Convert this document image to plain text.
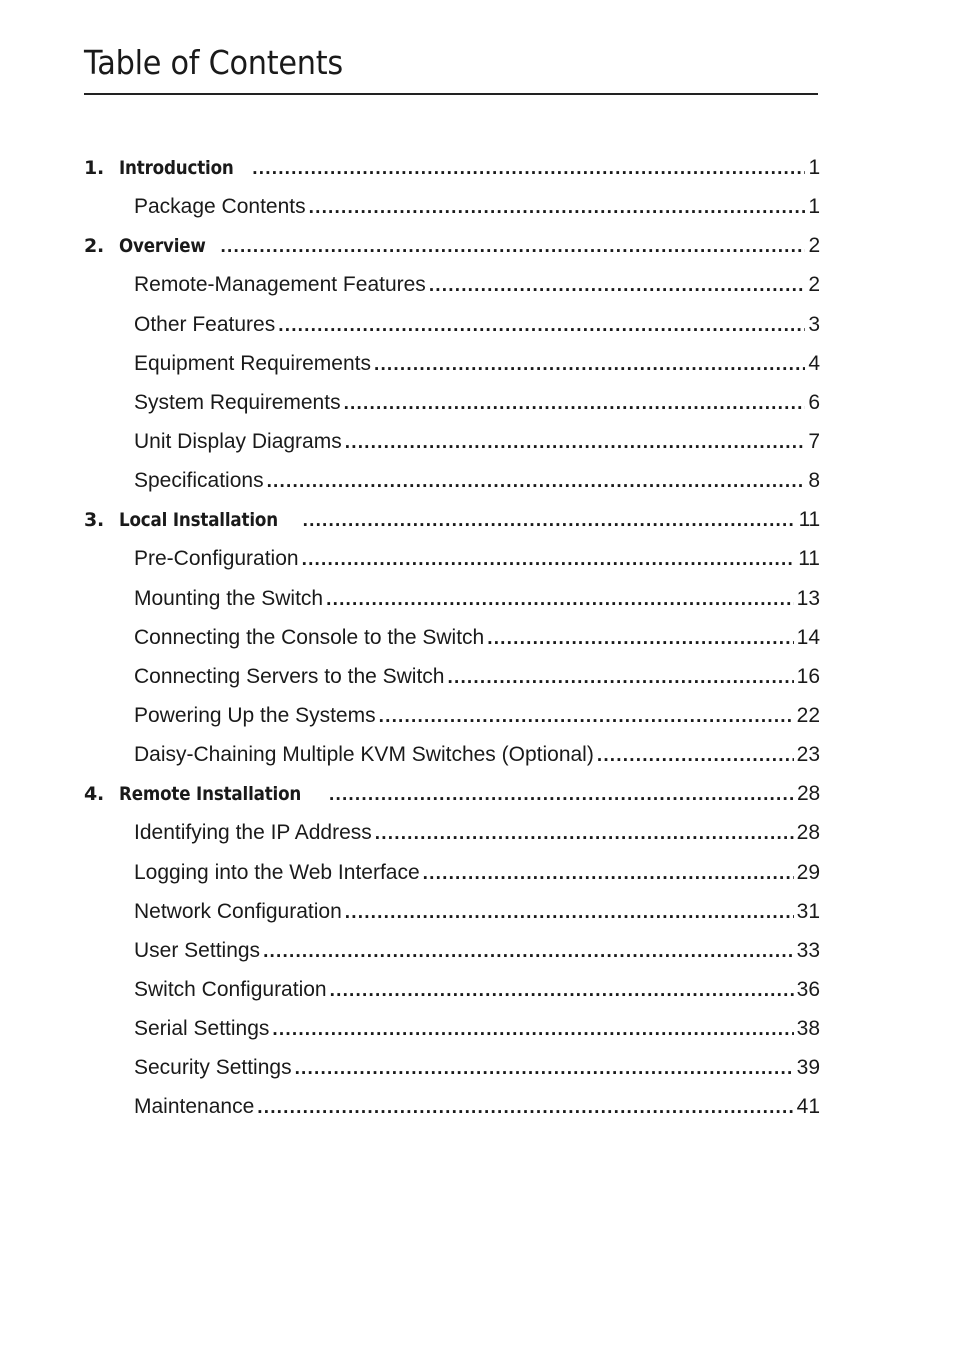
Table of Contents
1. Introduction .....	1
Package Contents .....	1
2. Overview .....	2
Remote-Management Features .....	2
Other Features .....	3
Equipment Requirements .....	4
System Requirements .....	6
Unit Display Diagrams .....	7
Specifications .....	8
3. Local Installation .....	11
Pre-Configuration .....	11
Mounting the Switch .....	13
Connecting the Console to the Switch .....	14
Connecting Servers to the Switch .....	16
Powering Up the Systems .....	22
Daisy-Chaining Multiple KVM Switches (Optional) .....	23
4. Remote Installation .....	28
Identifying the IP Address .....	28
Logging into the Web Interface .....	29
Network Configuration .....	31
User Settings .....	33
Switch Configuration .....	36
Serial Settings .....	38
Security Settings .....	39
Maintenance .....	41
